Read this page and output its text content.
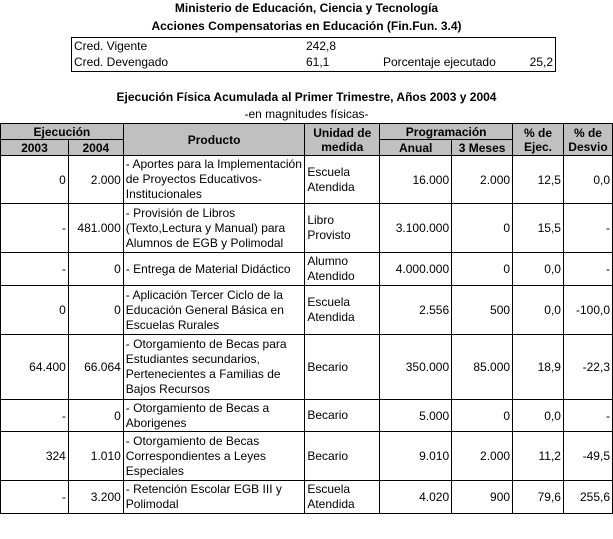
Ministerio de Educación, Ciencia y Tecnología
Acciones Compensatorias en Educación (Fin.Fun. 3.4)
Cred. Vigente	242,8
Cred. Devengado	61,1	Porcentaje ejecutado	25,2
Ejecución Física Acumulada al Primer Trimestre, Años 2003 y 2004
-en magnitudes físicas-
Ejecución		Producto	Unidad de medida	Programación		% de Ejec.	% de Desvio
2003	2004			Anual	3 Meses		
0	2.000	- Aportes para la Implementación de Proyectos Educativos-Institucionales	Escuela Atendida	16.000	2.000	12,5	0,0
-	481.000	- Provisión de Libros (Texto,Lectura y Manual) para Alumnos de EGB y Polimodal	Libro Provisto	3.100.000	0	15,5	-
-	0	- Entrega de Material Didáctico	Alumno Atendido	4.000.000	0	0,0	-
0	0	- Aplicación Tercer Ciclo de la Educación General Básica en Escuelas Rurales	Escuela Atendida	2.556	500	0,0	-100,0
64.400	66.064	- Otorgamiento de Becas para Estudiantes secundarios, Pertenecientes a Familias de Bajos Recursos	Becario	350.000	85.000	18,9	-22,3
-	0	- Otorgamiento de Becas a Aborigenes	Becario	5.000	0	0,0	-
324	1.010	- Otorgamiento de Becas Correspondientes a Leyes Especiales	Becario	9.010	2.000	11,2	-49,5
-	3.200	- Retención Escolar EGB III y Polimodal	Escuela Atendida	4.020	900	79,6	255,6
